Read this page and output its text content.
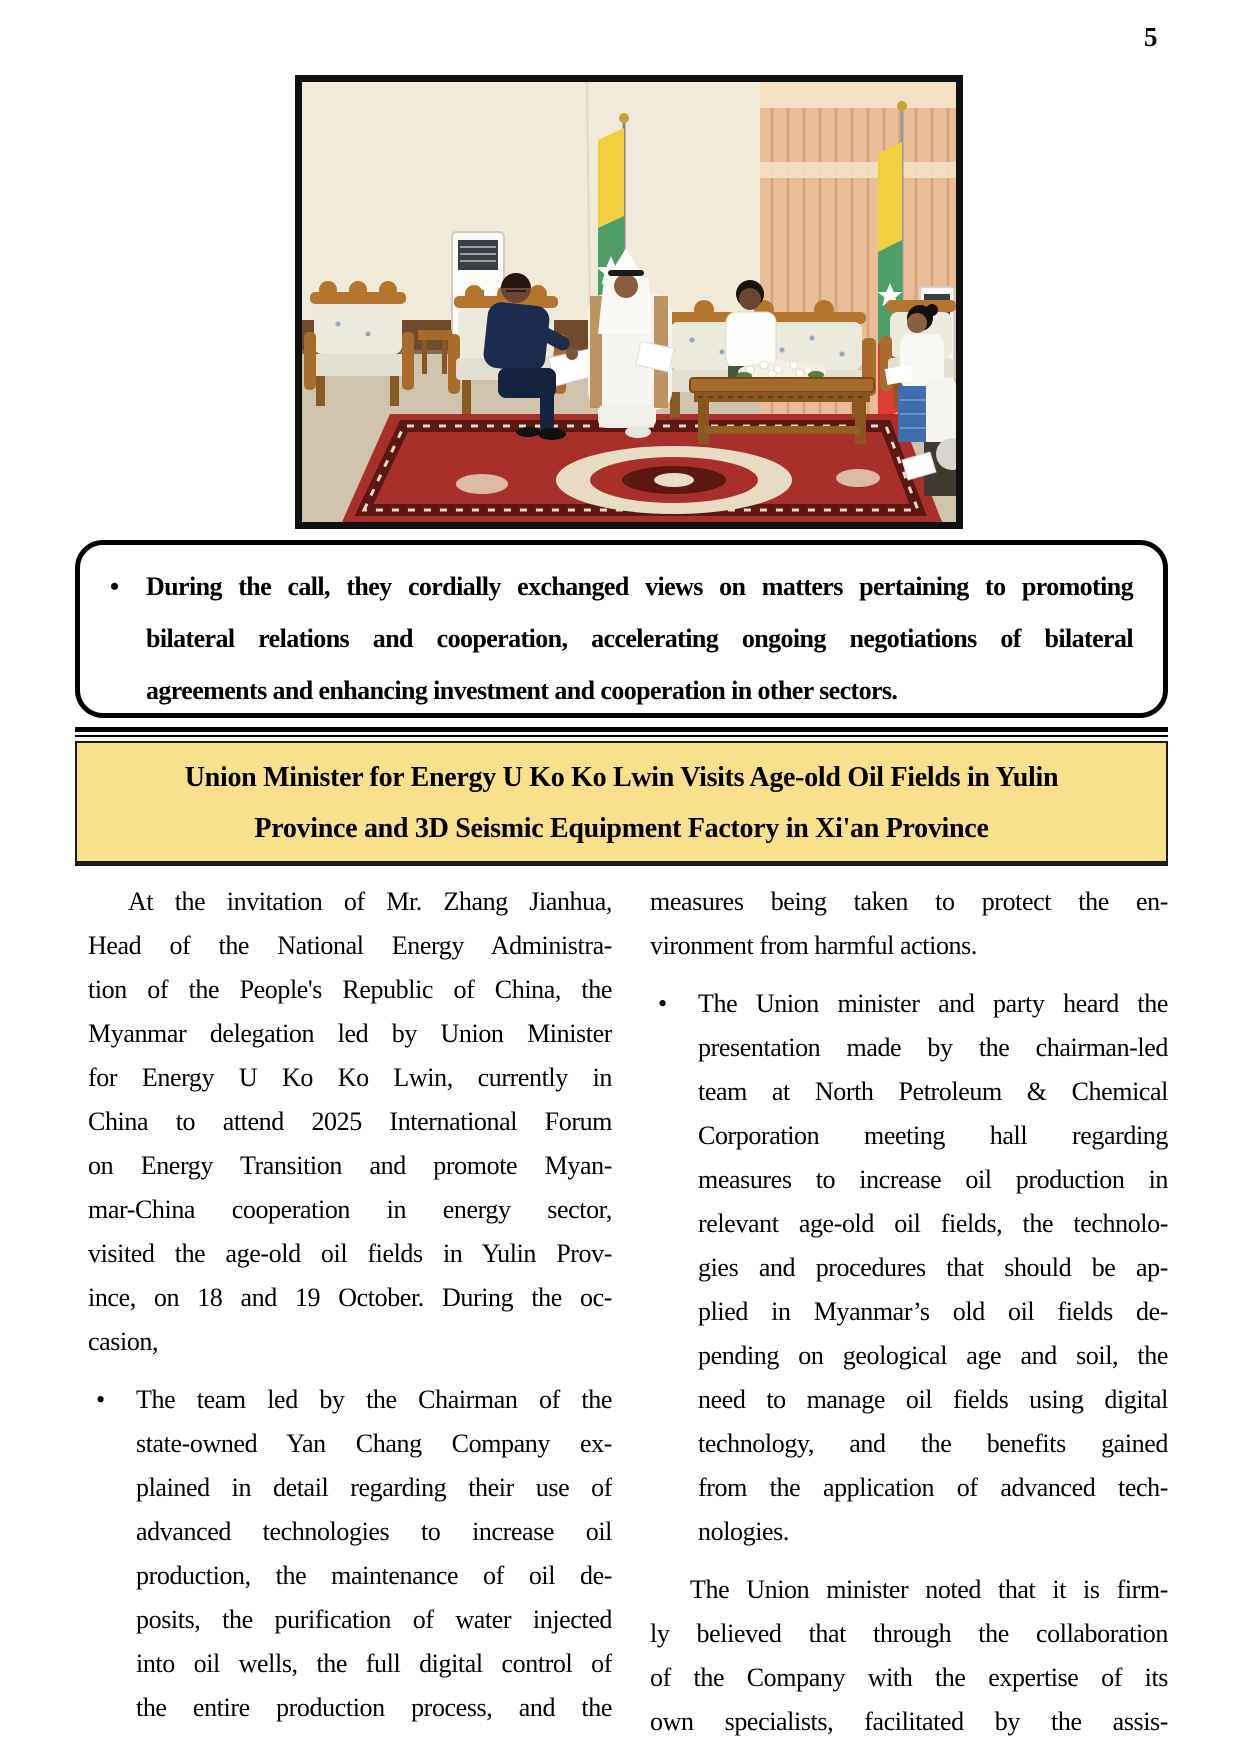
5
• During the call, they cordially exchanged views on matters pertaining to promoting
bilateral relations and cooperation, accelerating ongoing negotiations of bilateral
agreements and enhancing investment and cooperation in other sectors.
Union Minister for Energy U Ko Ko Lwin Visits Age-old Oil Fields in Yulin
Province and 3D Seismic Equipment Factory in Xi'an Province
At the invitation of Mr. Zhang Jianhua,
Head of the National Energy Administra-
tion of the People's Republic of China, the
Myanmar delegation led by Union Minister
for Energy U Ko Ko Lwin, currently in
China to attend 2025 International Forum
on Energy Transition and promote Myan-
mar-China cooperation in energy sector,
visited the age-old oil fields in Yulin Prov-
ince, on 18 and 19 October. During the oc-
casion,
• The team led by the Chairman of the
state-owned Yan Chang Company ex-
plained in detail regarding their use of
advanced technologies to increase oil
production, the maintenance of oil de-
posits, the purification of water injected
into oil wells, the full digital control of
the entire production process, and the
measures being taken to protect the en-
vironment from harmful actions.
• The Union minister and party heard the
presentation made by the chairman-led
team at North Petroleum & Chemical
Corporation meeting hall regarding
measures to increase oil production in
relevant age-old oil fields, the technolo-
gies and procedures that should be ap-
plied in Myanmar’s old oil fields de-
pending on geological age and soil, the
need to manage oil fields using digital
technology, and the benefits gained
from the application of advanced tech-
nologies.
The Union minister noted that it is firm-
ly believed that through the collaboration
of the Company with the expertise of its
own specialists, facilitated by the assis-
